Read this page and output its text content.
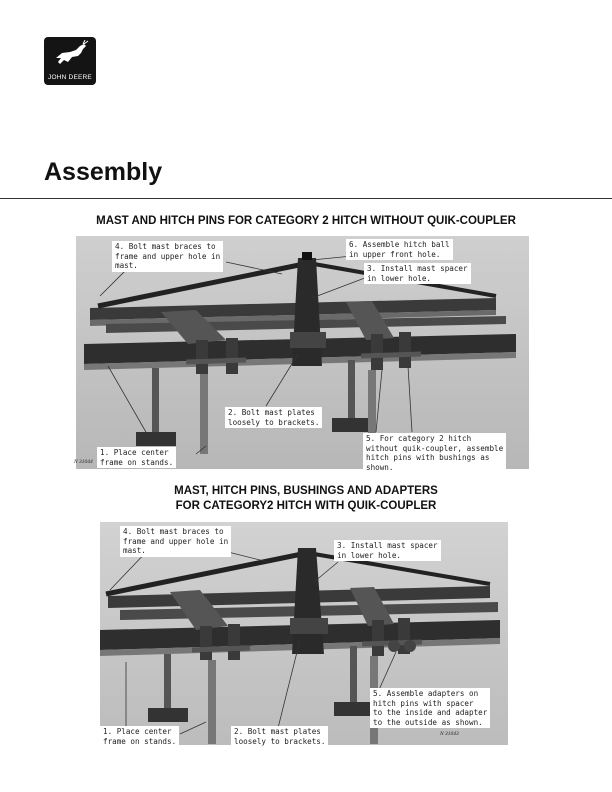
JOHN DEERE
Assembly
MAST AND HITCH PINS FOR CATEGORY 2 HITCH WITHOUT QUIK-COUPLER
4. Bolt mast braces to
frame and upper hole in
mast.
6. Assemble hitch ball
in upper front hole.
3. Install mast spacer
in lower hole.
2. Bolt mast plates
loosely to brackets.
1. Place center
frame on stands.
5. For category 2 hitch
without quik-coupler, assemble
hitch pins with bushings as
shown.
N 31044
MAST, HITCH PINS, BUSHINGS AND ADAPTERS
FOR CATEGORY2 HITCH WITH QUIK-COUPLER
4. Bolt mast braces to
frame and upper hole in
mast.
3. Install mast spacer
in lower hole.
1. Place center
frame on stands.
2. Bolt mast plates
loosely to brackets.
5. Assemble adapters on
hitch pins with spacer
to the inside and adapter
to the outside as shown.
N 31043
